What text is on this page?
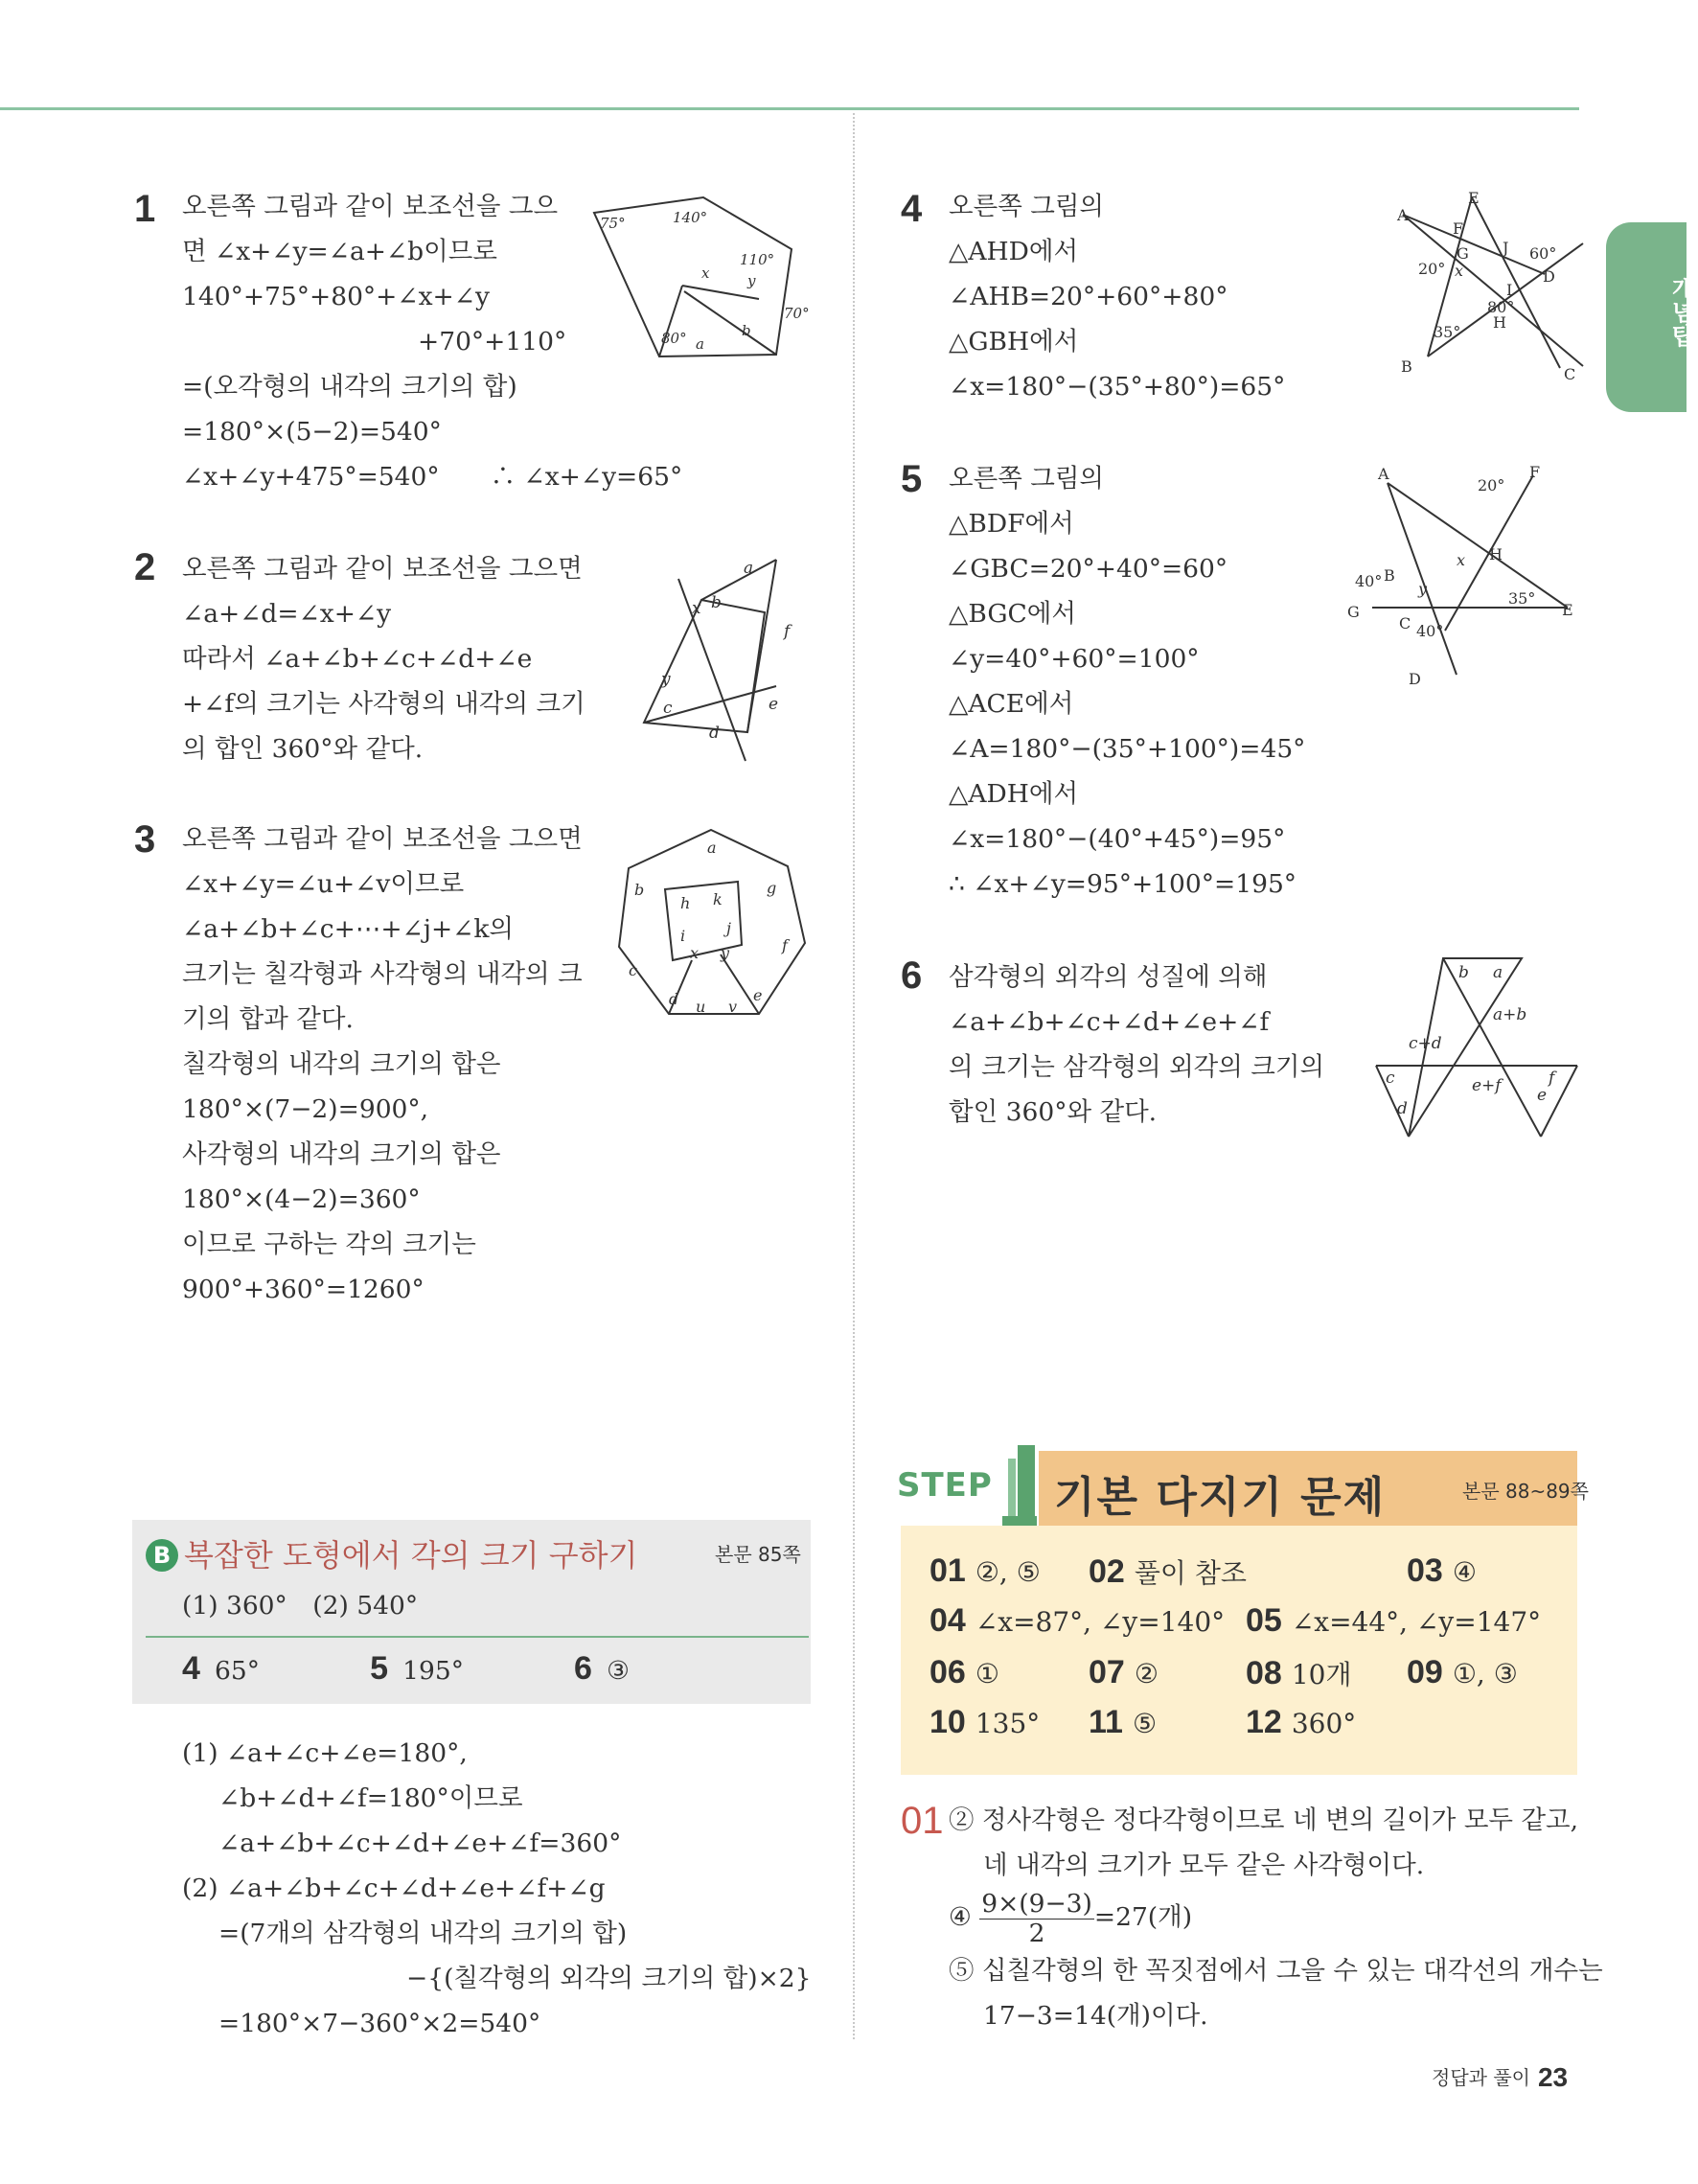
개념탑
1 오른쪽 그림과 같이 보조선을 그으
면 ∠x+∠y=∠a+∠b이므로
140°+75°+80°+∠x+∠y
+70°+110°
=(오각형의 내각의 크기의 합)
=180°×(5−2)=540°
∠x+∠y+475°=540°　　∴ ∠x+∠y=65°
75°	140°
110°
x	y
70°
80° a
b
2 오른쪽 그림과 같이 보조선을 그으면
∠a+∠d=∠x+∠y
따라서 ∠a+∠b+∠c+∠d+∠e
+∠f의 크기는 사각형의 내각의 크기
의 합인 360°와 같다.
a
b
x
f
y
c	e
d
3 오른쪽 그림과 같이 보조선을 그으면
∠x+∠y=∠u+∠v이므로
∠a+∠b+∠c+⋯+∠j+∠k의
크기는 칠각형과 사각형의 내각의 크
기의 합과 같다.
칠각형의 내각의 크기의 합은
180°×(7−2)=900°,
사각형의 내각의 크기의 합은
180°×(4−2)=360°
이므로 구하는 각의 크기는
900°+360°=1260°
a
b	g
h k
i	j
x y	f
c
d u v
e
4 오른쪽 그림의
△AHD에서
∠AHB=20°+60°+80°
△GBH에서
∠x=180°−(35°+80°)=65°
E
A
F
G J 60°
D
20° x
I
80°
H
35°
B	C
5 오른쪽 그림의
△BDF에서
∠GBC=20°+40°=60°
△BGC에서
∠y=40°+60°=100°
△ACE에서
∠A=180°−(35°+100°)=45°
△ADH에서
∠x=180°−(40°+45°)=95°
∴ ∠x+∠y=95°+100°=195°
A
20°
F
x H
40° B
y
35°
E
G
C 40°
D
6 삼각형의 외각의 성질에 의해
∠a+∠b+∠c+∠d+∠e+∠f
의 크기는 삼각형의 외각의 크기의
합인 360°와 같다.
b a
a+b
c+d
c	e+f	f
d
e
B 복잡한 도형에서 각의 크기 구하기	본문 85쪽
(1) 360°　(2) 540°
4 65°	5 195°	6 ③
(1) ∠a+∠c+∠e=180°,
∠b+∠d+∠f=180°이므로
∠a+∠b+∠c+∠d+∠e+∠f=360°
(2) ∠a+∠b+∠c+∠d+∠e+∠f+∠g
=(7개의 삼각형의 내각의 크기의 합)
−{(칠각형의 외각의 크기의 합)×2}
=180°×7−360°×2=540°
STEP 기본 다지기 문제	본문 88~89쪽
01 ②, ⑤ 02 풀이 참조	03 ④
04 ∠x=87°, ∠y=140° 05 ∠x=44°, ∠y=147°
06 ①	07 ②	08 10개 09 ①, ③
10 135° 11 ⑤	12 360°
01 ② 정사각형은 정다각형이므로 네 변의 길이가 모두 같고,
네 내각의 크기가 모두 같은 사각형이다.
④ $\frac{9\times(9-3)}{2} =27$(개)
⑤ 십칠각형의 한 꼭짓점에서 그을 수 있는 대각선의 개수는
17−3=14(개)이다.
정답과 풀이 23
